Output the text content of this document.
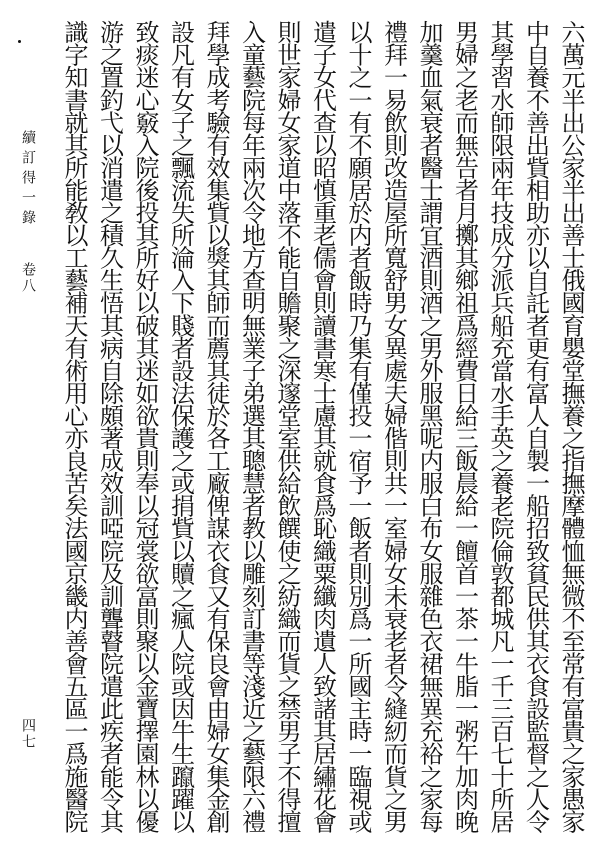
續訂得一錄
卷八
四七	六萬元半出公家半出善士俄國育嬰堂撫養之指撫摩體恤無微不至常有富貴之家愚家
中自養不善出貲相助亦以自託者更有富人自製一船招致貧民供其衣食設監督之人令
其學習水師限兩年技成分派兵船充當水手英之養老院倫敦都城凡一千三百七十所居
男婦之老而無告者月擲其鄉祖爲經費日給三飯晨給一饘首一茶一牛脂一粥午加肉晚
加羹血氣衰者醫士謂宜酒則酒之男外服黑呢内服白布女服雜色衣裙無異充裕之家每
禮拜一易飲則改造屋所寬舒男女異處夫婦偕則共一室婦女未衰老者令縫紉而貨之男
以十之一有不願居於内者飯時乃集有僅投一宿予一飯者則別爲一所國主時一臨視或
遣子女代查以昭慎重老儒會則讀書寒士慮其就食爲恥織粟纖肉遺人致諸其居繡花會
則世家婦女家道中落不能自贍聚之深邃堂室供給飲饌使之紡織而貨之禁男子不得擅
入童藝院每年兩次令地方查明無業子弟選其聰慧者教以雕刻訂書等淺近之藝限六禮
拜學成考驗有效集貲以獎其師而薦其徒於各工廠俾謀衣食又有保良會由婦女集金創
設凡有女子之飄流失所淪入下賤者設法保護之或捐貲以贖之瘋人院或因牛生躥躍以
致痰迷心竅入院後投其所好以破其迷如欲貴則奉以冠裳欲富則聚以金寶擇園林以優
游之置釣弋以消遣之積久生悟其病自除頗著成效訓啞院及訓聾瞽院遣此疾者能令其
識字知書就其所能敎以工藝補天有術用心亦良苦矣法國京畿内善會五區一爲施醫院
